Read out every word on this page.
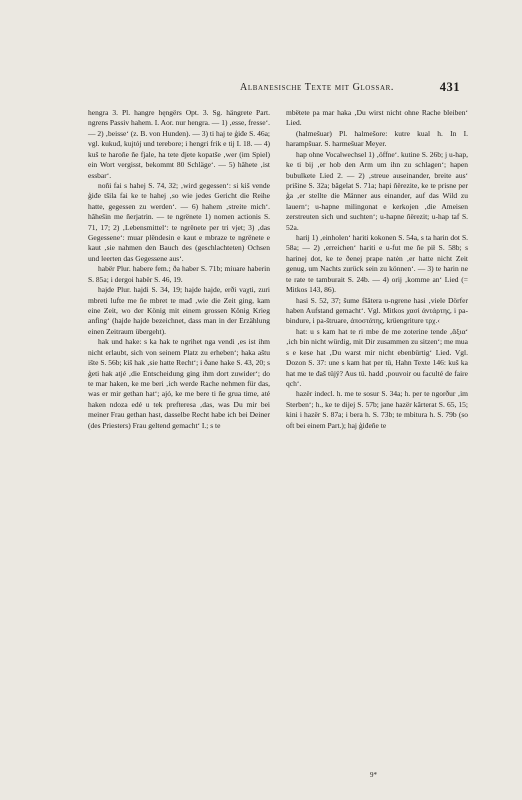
Albanesische Texte mit Glossar.	431

hengra 3. Pl. hangre hęngërs Opt. 3. Sg. hängrete Part. ngrens Passiv hahem. I. Aor. nur hengra. — 1) ‚esse, fresse‘. — 2) ‚beisse‘ (z. B. von Hunden). — 3) ti haj te ģiđe S. 46a; vgl. kukuđ, kujtój und terebore; i hengri frik e tij I. 18. — 4) kuš te haroñe ñe fjale, ha tete đjete kopatše ‚wer (im Spiel) ein Wort vergisst, bekommt 80 Schläge‘. — 5) hâhete ‚ist essbar‘.

noñi fai s hahej S. 74, 32; ‚wird gegessen‘: si kiš vende ģiđe tšila fai ke te hahej ‚so wie jedes Gericht die Reihe hatte, gegessen zu werden‘. — 6) hahem ‚streite mich‘. hâhešin me ñerjatrin. — te ngrënete 1) nomen actionis S. 71, 17; 2) ‚Lebensmittel‘: te ngrënete per tri vjet; 3) ‚das Gegessene‘: muar plëndesin e kaut e mbraze te ngrënete e kaut ‚sie nahmen den Bauch des (geschlachteten) Ochsen und leerten das Gegessene aus‘.

habër Plur. habere fem.; ða haber S. 71b; miuare haberin S. 85a; i dergoi habër S. 46, 19.

hajde Plur. hajdi S. 34, 19; hajde hajde, erði vaχti, zuri mbreti lufte me ñe mbret te mađ ‚wie die Zeit ging, kam eine Zeit, wo der König mit einem grossen König Krieg anfing‘ (hajde hajde bezeichnet, dass man in der Erzählung einen Zeitraum übergeht).

hak und hake: s ka hak te ngrihet nga vendi ‚es ist ihm nicht erlaubt, sich von seinem Platz zu erheben‘; haka aštu ište S. 56b; kiš hak ‚sie hatte Recht‘; i ðane hake S. 43, 20; s ģeti hak atjé ‚die Entscheidung ging ihm dort zuwider‘; do te mar haken, ke me beri ‚ich werde Rache nehmen für das, was er mir gethan hat‘; ajó, ke me bere ti ñe grua time, até haken ndoza edé u tek prefteresa ‚das, was Du mir bei meiner Frau gethan hast, dasselbe Recht habe ich bei Deiner (des Priesters) Frau geltend gemacht‘ I.; s te

mbëtete pa mar haka ‚Du wirst nicht ohne Rache bleiben‘ Lied.

(halmešuar) Pl. halmešore: kutre kual h. In I. harampšuar. S. harmešuar Meyer.

hap ohne Vocalwechsel 1) ‚öffne‘. kutine S. 26b; j u-hap, ke ti bij ‚er hob den Arm um ihn zu schlagen‘; hapen bubulkete Lied 2. — 2) ‚streue auseinander, breite aus‘ prišine S. 32a; bâgelat S. 71a; hapi ñërezite, ke te prisne per ģa ‚er stellte die Männer aus einander, auf das Wild zu lauern‘; u-hapne milingonat e kerkojen ‚die Ameisen zerstreuten sich und suchten‘; u-hapne ñërezit; u-hap taf S. 52a.

harij 1) ‚einholen‘ hariti kokonen S. 54a, s ta harin dot S. 58a; — 2) ‚erreichen‘ hariti e u-fut me ñe pił S. 58b; s harinej dot, ke te ðenej prape natėn ‚er hatte nicht Zeit genug, um Nachts zurück sein zu können‘. — 3) te harin ne te rate te tamburait S. 24b. — 4) orij ‚komme an‘ Lied (= Mitkos 143, 86).

hasi S. 52, 37; šume fšâtera u-ngrene hasi ‚viele Dörfer haben Aufstand gemacht‘. Vgl. Mitkos χασί ἀντάρτης, i pa-bindure, i pa-štruare, ἀποστάτης, krüengriture τρχ.‹

hat: u s kam hat te ri mbe đe me zoterine tende ‚ἄξια‘ ‚ich bin nicht würdig, mit Dir zusammen zu sitzen‘; me mua s e kese hat ‚Du warst mir nicht ebenbürtig‘ Lied. Vgl. Dozon S. 37: une s kam hat per tü, Hahn Texte 146: kuš ka hat me te đaš tüjÿ? Aus tü. hadd ‚pouvoir ou faculté de faire qch‘.

hazër indecl. h. me te sosur S. 34a; h. per te ngorður ‚im Sterben‘; h., ke te dijej S. 57b; jane hazër kârterat S. 65, 15; kini i hazër S. 87a; i bera h. S. 73b; te mbitura h. S. 79b (so oft bei einem Part.); haj ģiđeñe te

9*
